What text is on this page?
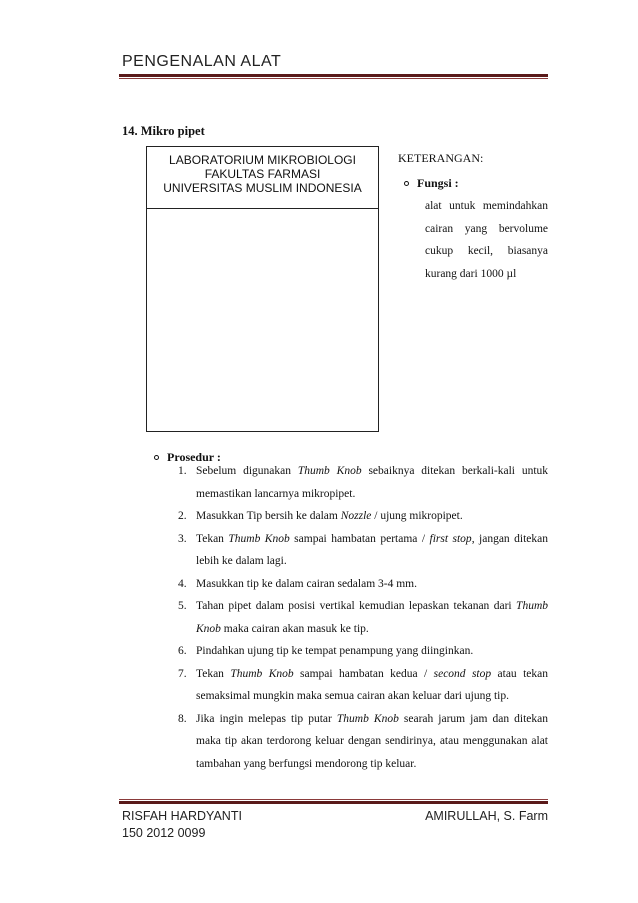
PENGENALAN ALAT
14. Mikro pipet
LABORATORIUM MIKROBIOLOGI
FAKULTAS FARMASI
UNIVERSITAS MUSLIM INDONESIA
KETERANGAN:
Fungsi :
alat untuk memindahkan cairan yang bervolume cukup kecil, biasanya kurang dari 1000 µl
Prosedur :
1. Sebelum digunakan Thumb Knob sebaiknya ditekan berkali-kali untuk memastikan lancarnya mikropipet.
2. Masukkan Tip bersih ke dalam Nozzle / ujung mikropipet.
3. Tekan Thumb Knob sampai hambatan pertama / first stop, jangan ditekan lebih ke dalam lagi.
4. Masukkan tip ke dalam cairan sedalam 3-4 mm.
5. Tahan pipet dalam posisi vertikal kemudian lepaskan tekanan dari Thumb Knob maka cairan akan masuk ke tip.
6. Pindahkan ujung tip ke tempat penampung yang diinginkan.
7. Tekan Thumb Knob sampai hambatan kedua / second stop atau tekan semaksimal mungkin maka semua cairan akan keluar dari ujung tip.
8. Jika ingin melepas tip putar Thumb Knob searah jarum jam dan ditekan maka tip akan terdorong keluar dengan sendirinya, atau menggunakan alat tambahan yang berfungsi mendorong tip keluar.
RISFAH HARDYANTI
150 2012 0099
AMIRULLAH, S. Farm
